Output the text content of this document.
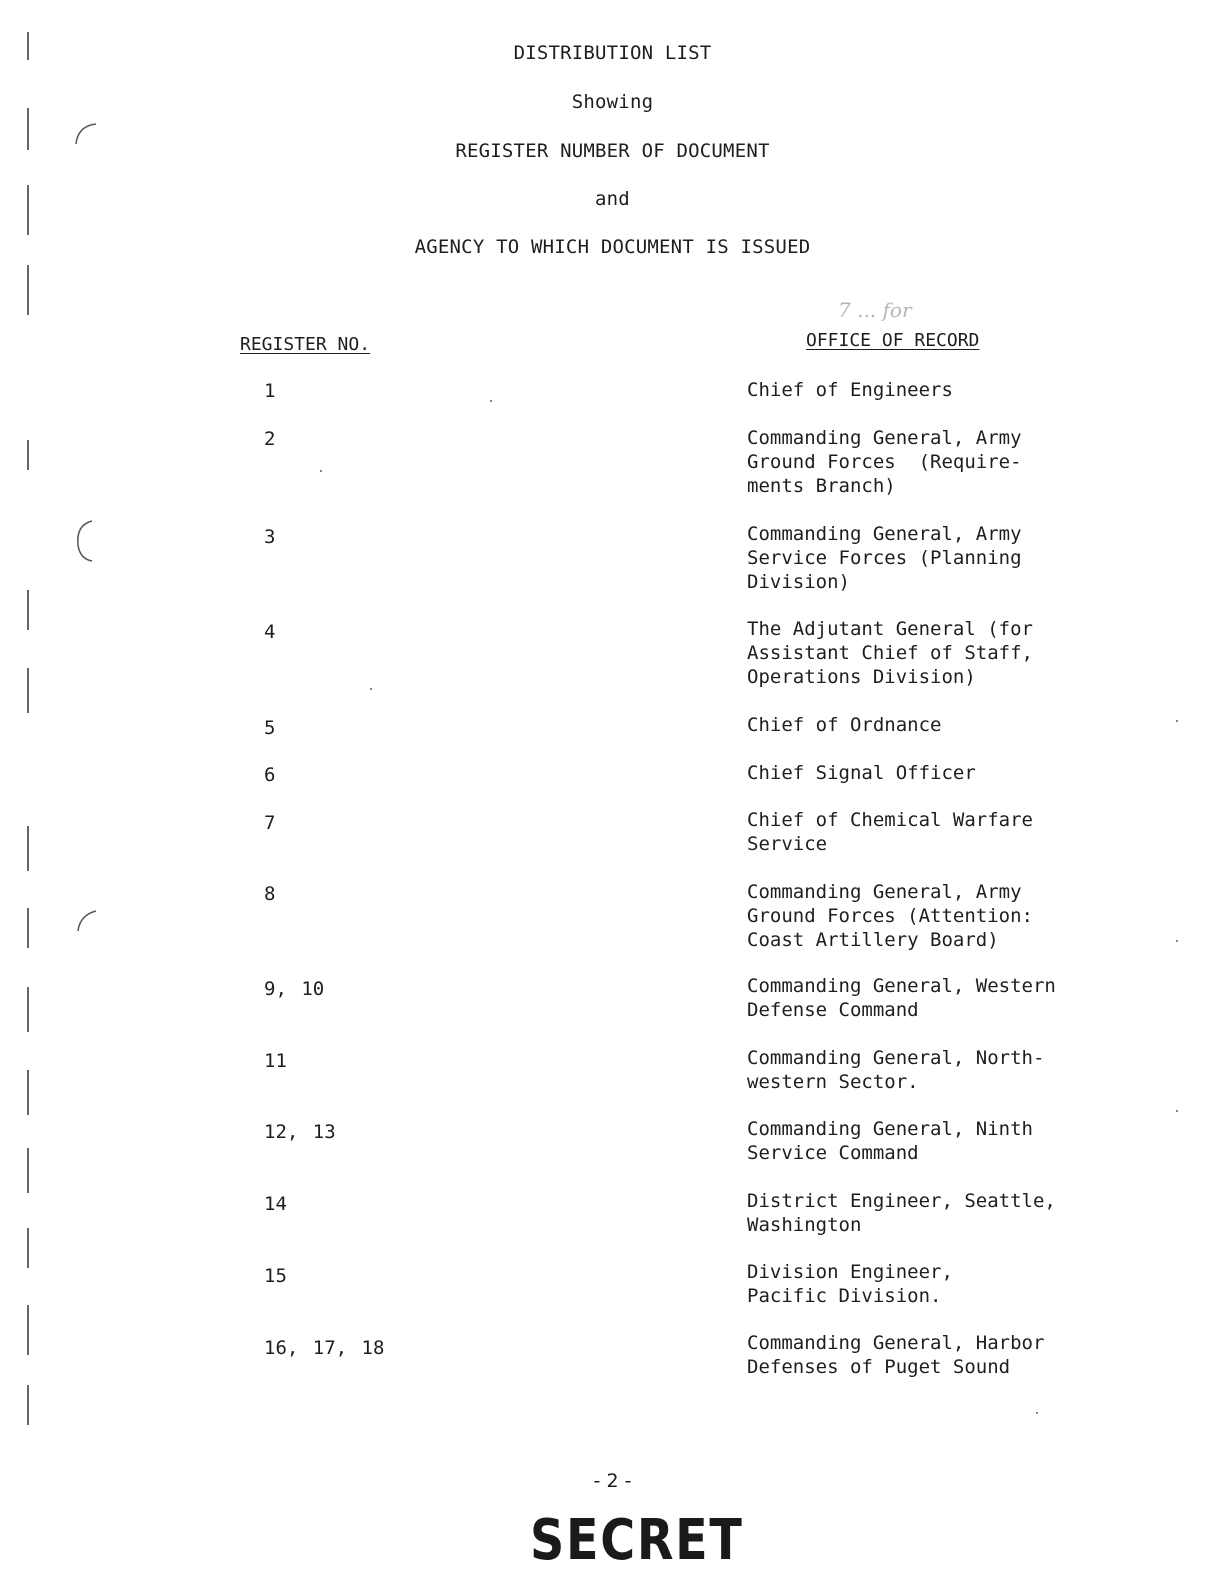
DISTRIBUTION LIST
Showing
REGISTER NUMBER OF DOCUMENT
and
AGENCY TO WHICH DOCUMENT IS ISSUED
7 ... for
REGISTER NO.	OFFICE OF RECORD
1	Chief of Engineers
2	Commanding General, Army
Ground Forces  (Require-
ments Branch)
3	Commanding General, Army
Service Forces (Planning
Division)
4	The Adjutant General (for
Assistant Chief of Staff,
Operations Division)
5	Chief of Ordnance
6	Chief Signal Officer
7	Chief of Chemical Warfare
Service
8	Commanding General, Army
Ground Forces (Attention:
Coast Artillery Board)
9, 10	Commanding General, Western
Defense Command
11	Commanding General, North-
western Sector.
12, 13	Commanding General, Ninth
Service Command
14	District Engineer, Seattle,
Washington
15	Division Engineer,
Pacific Division.
16, 17, 18	Commanding General, Harbor
Defenses of Puget Sound
- 2 -
SECRET
